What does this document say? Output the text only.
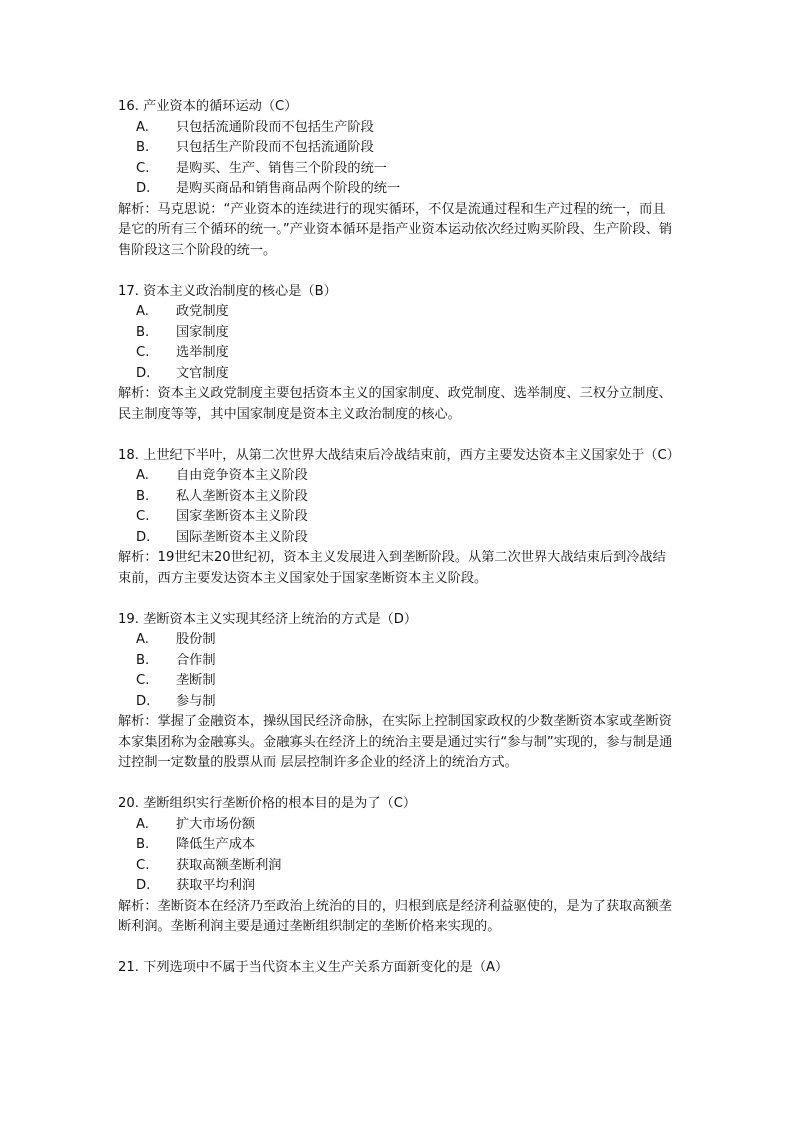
16. 产业资本的循环运动（C）
A.	只包括流通阶段而不包括生产阶段
B.	只包括生产阶段而不包括流通阶段
C.	是购买、生产、销售三个阶段的统一
D.	是购买商品和销售商品两个阶段的统一
解析：马克思说：“产业资本的连续进行的现实循环，不仅是流通过程和生产过程的统一，而且是它的所有三个循环的统一。”产业资本循环是指产业资本运动依次经过购买阶段、生产阶段、销售阶段这三个阶段的统一。
17. 资本主义政治制度的核心是（B）
A.	政党制度
B.	国家制度
C.	选举制度
D.	文官制度
解析：资本主义政党制度主要包括资本主义的国家制度、政党制度、选举制度、三权分立制度、民主制度等等，其中国家制度是资本主义政治制度的核心。
18. 上世纪下半叶，从第二次世界大战结束后冷战结束前，西方主要发达资本主义国家处于（C）
A.	自由竞争资本主义阶段
B.	私人垄断资本主义阶段
C.	国家垄断资本主义阶段
D.	国际垄断资本主义阶段
解析：19世纪末20世纪初，资本主义发展进入到垄断阶段。从第二次世界大战结束后到冷战结束前，西方主要发达资本主义国家处于国家垄断资本主义阶段。
19. 垄断资本主义实现其经济上统治的方式是（D）
A.	股份制
B.	合作制
C.	垄断制
D.	参与制
解析：掌握了金融资本，操纵国民经济命脉，在实际上控制国家政权的少数垄断资本家或垄断资本家集团称为金融寡头。金融寡头在经济上的统治主要是通过实行“参与制”实现的，参与制是通过控制一定数量的股票从而 层层控制许多企业的经济上的统治方式。
20. 垄断组织实行垄断价格的根本目的是为了（C）
A.	扩大市场份额
B.	降低生产成本
C.	获取高额垄断利润
D.	获取平均利润
解析：垄断资本在经济乃至政治上统治的目的，归根到底是经济利益驱使的，是为了获取高额垄断利润。垄断利润主要是通过垄断组织制定的垄断价格来实现的。
21. 下列选项中不属于当代资本主义生产关系方面新变化的是（A）
